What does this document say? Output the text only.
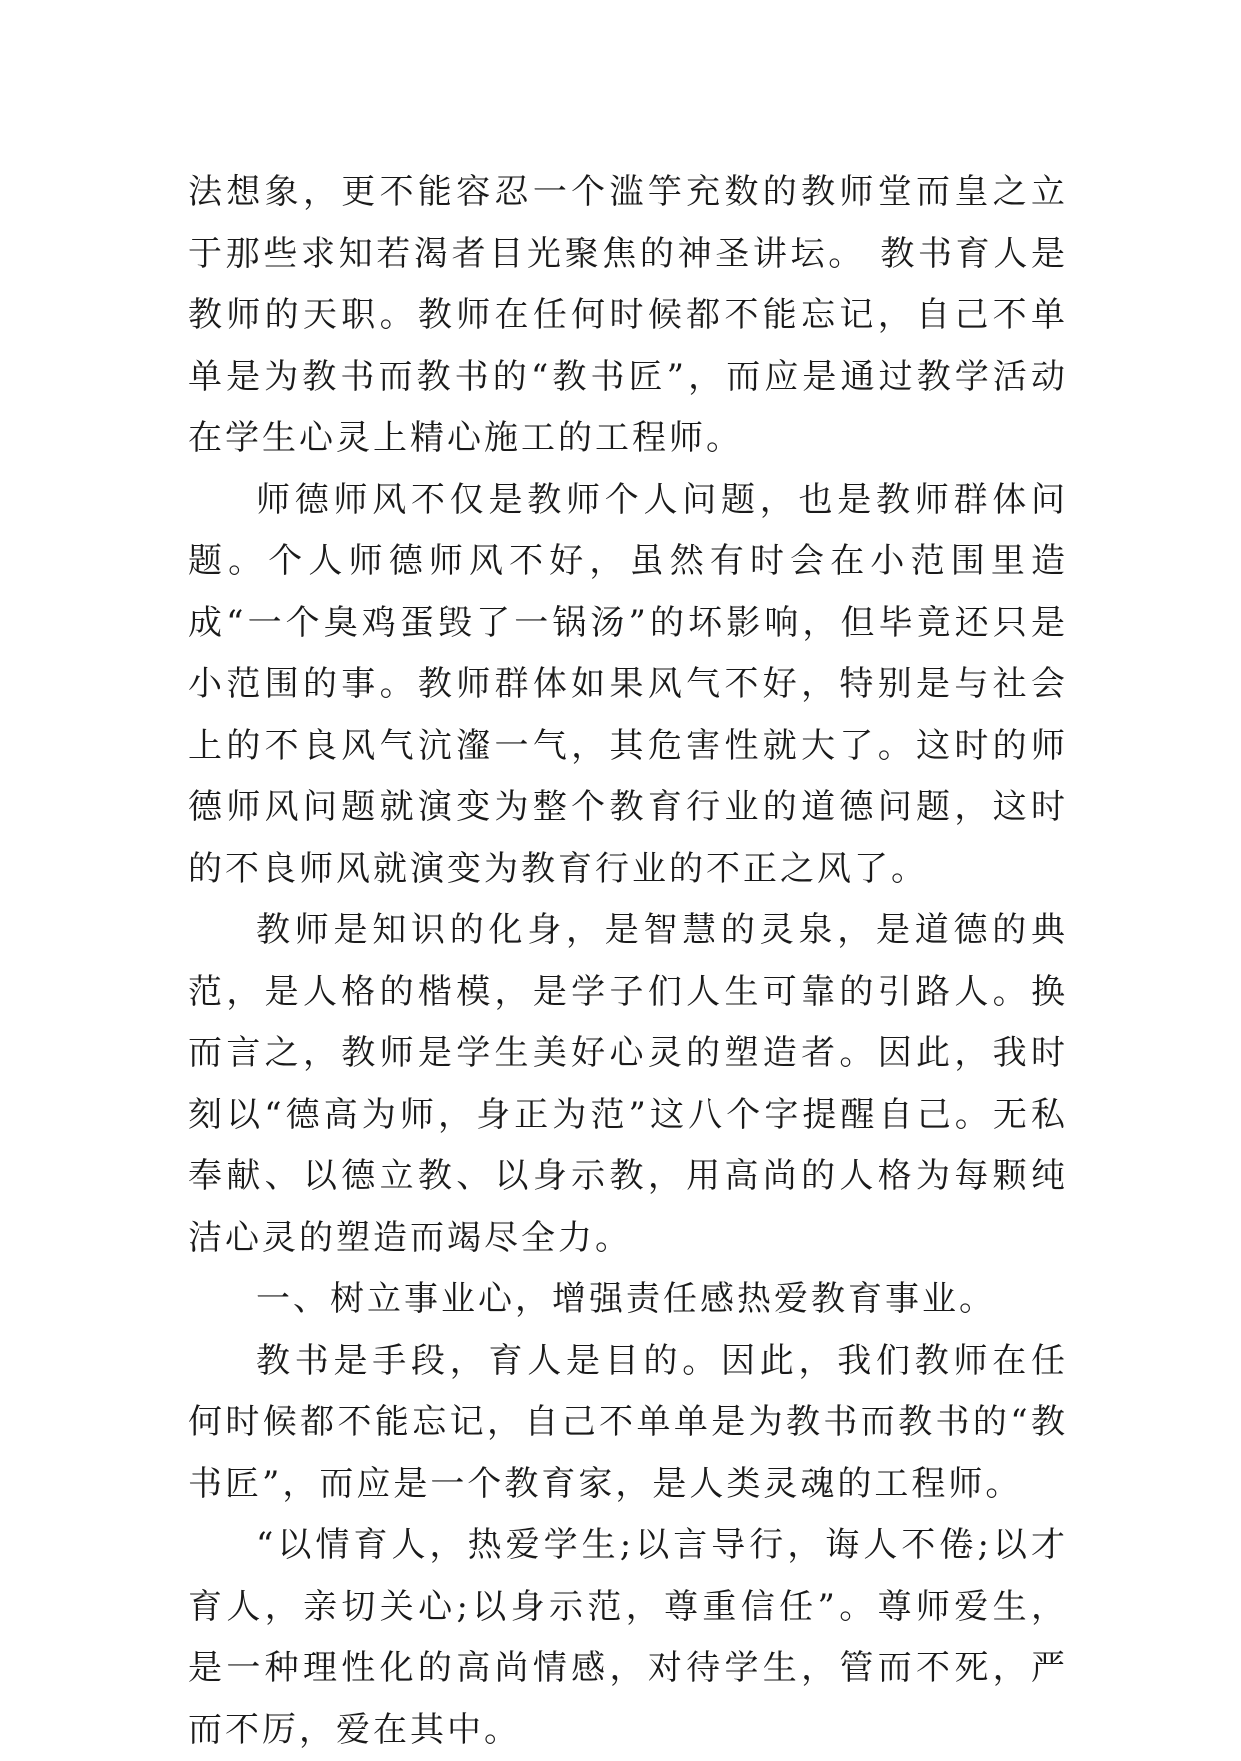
法想象，更不能容忍一个滥竽充数的教师堂而皇之立于那些求知若渴者目光聚焦的神圣讲坛。 教书育人是教师的天职。教师在任何时候都不能忘记，自己不单单是为教书而教书的“教书匠”，而应是通过教学活动在学生心灵上精心施工的工程师。

师德师风不仅是教师个人问题，也是教师群体问题。个人师德师风不好，虽然有时会在小范围里造成“一个臭鸡蛋毁了一锅汤”的坏影响，但毕竟还只是小范围的事。教师群体如果风气不好，特别是与社会上的不良风气沆瀣一气，其危害性就大了。这时的师德师风问题就演变为整个教育行业的道德问题，这时的不良师风就演变为教育行业的不正之风了。

教师是知识的化身，是智慧的灵泉，是道德的典范，是人格的楷模，是学子们人生可靠的引路人。换而言之，教师是学生美好心灵的塑造者。因此，我时刻以“德高为师，身正为范”这八个字提醒自己。无私奉献、以德立教、以身示教，用高尚的人格为每颗纯洁心灵的塑造而竭尽全力。

一、树立事业心，增强责任感热爱教育事业。

教书是手段，育人是目的。因此，我们教师在任何时候都不能忘记，自己不单单是为教书而教书的“教书匠”，而应是一个教育家，是人类灵魂的工程师。

“以情育人，热爱学生;以言导行，诲人不倦;以才育人，亲切关心;以身示范，尊重信任”。尊师爱生，是一种理性化的高尚情感，对待学生，管而不死，严而不厉，爱在其中。
